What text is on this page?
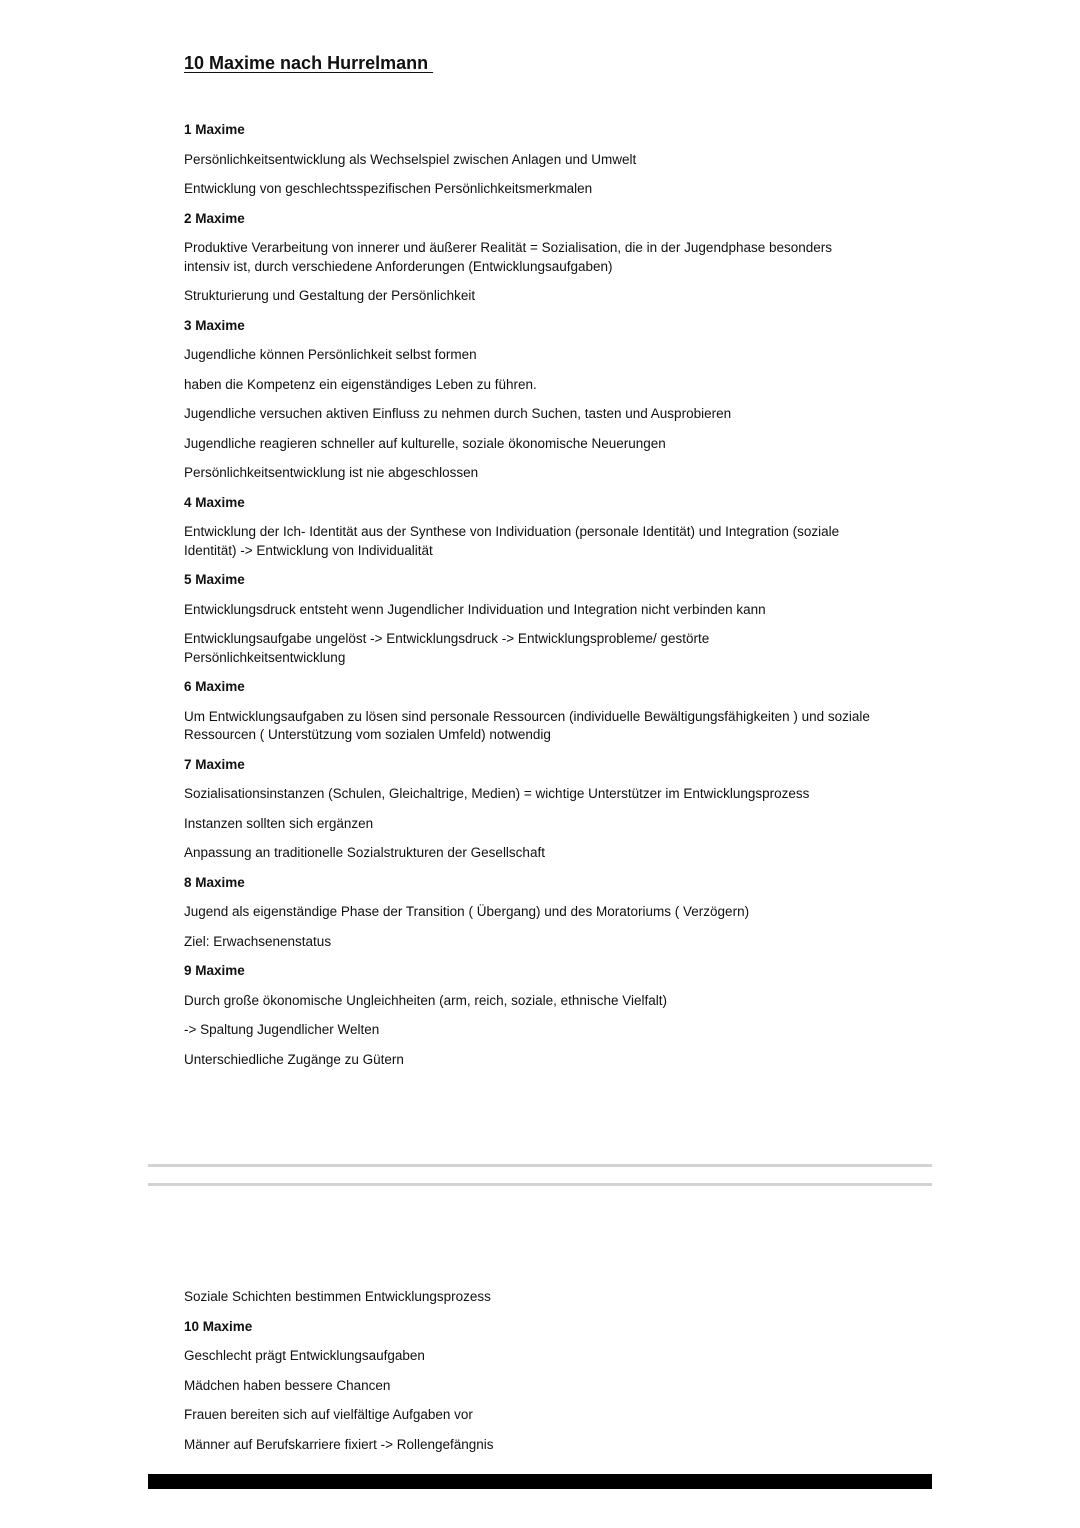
10 Maxime nach Hurrelmann

1 Maxime

Persönlichkeitsentwicklung als Wechselspiel zwischen Anlagen und Umwelt

Entwicklung von geschlechtsspezifischen Persönlichkeitsmerkmalen

2 Maxime

Produktive Verarbeitung von innerer und äußerer Realität = Sozialisation, die in der Jugendphase besonders intensiv ist, durch verschiedene Anforderungen (Entwicklungsaufgaben)

Strukturierung und Gestaltung der Persönlichkeit

3 Maxime

Jugendliche können Persönlichkeit selbst formen

haben die Kompetenz ein eigenständiges Leben zu führen.

Jugendliche versuchen aktiven Einfluss zu nehmen durch Suchen, tasten und Ausprobieren

Jugendliche reagieren schneller auf kulturelle, soziale ökonomische Neuerungen

Persönlichkeitsentwicklung ist nie abgeschlossen

4 Maxime

Entwicklung der Ich- Identität aus der Synthese von Individuation (personale Identität) und Integration (soziale Identität) -> Entwicklung von Individualität

5 Maxime

Entwicklungsdruck entsteht wenn Jugendlicher Individuation und Integration nicht verbinden kann

Entwicklungsaufgabe ungelöst -> Entwicklungsdruck -> Entwicklungsprobleme/ gestörte Persönlichkeitsentwicklung

6 Maxime

Um Entwicklungsaufgaben zu lösen sind personale Ressourcen (individuelle Bewältigungsfähigkeiten ) und soziale Ressourcen ( Unterstützung vom sozialen Umfeld) notwendig

7 Maxime

Sozialisationsinstanzen (Schulen, Gleichaltrige, Medien) = wichtige Unterstützer im Entwicklungsprozess

Instanzen sollten sich ergänzen

Anpassung an traditionelle Sozialstrukturen der Gesellschaft

8 Maxime

Jugend als eigenständige Phase der Transition ( Übergang) und des Moratoriums ( Verzögern)

Ziel: Erwachsenenstatus

9 Maxime

Durch große ökonomische Ungleichheiten (arm, reich, soziale, ethnische Vielfalt)

-> Spaltung Jugendlicher Welten

Unterschiedliche Zugänge zu Gütern

Soziale Schichten bestimmen Entwicklungsprozess

10 Maxime

Geschlecht prägt Entwicklungsaufgaben

Mädchen haben bessere Chancen

Frauen bereiten sich auf vielfältige Aufgaben vor

Männer auf Berufskarriere fixiert -> Rollengefängnis
